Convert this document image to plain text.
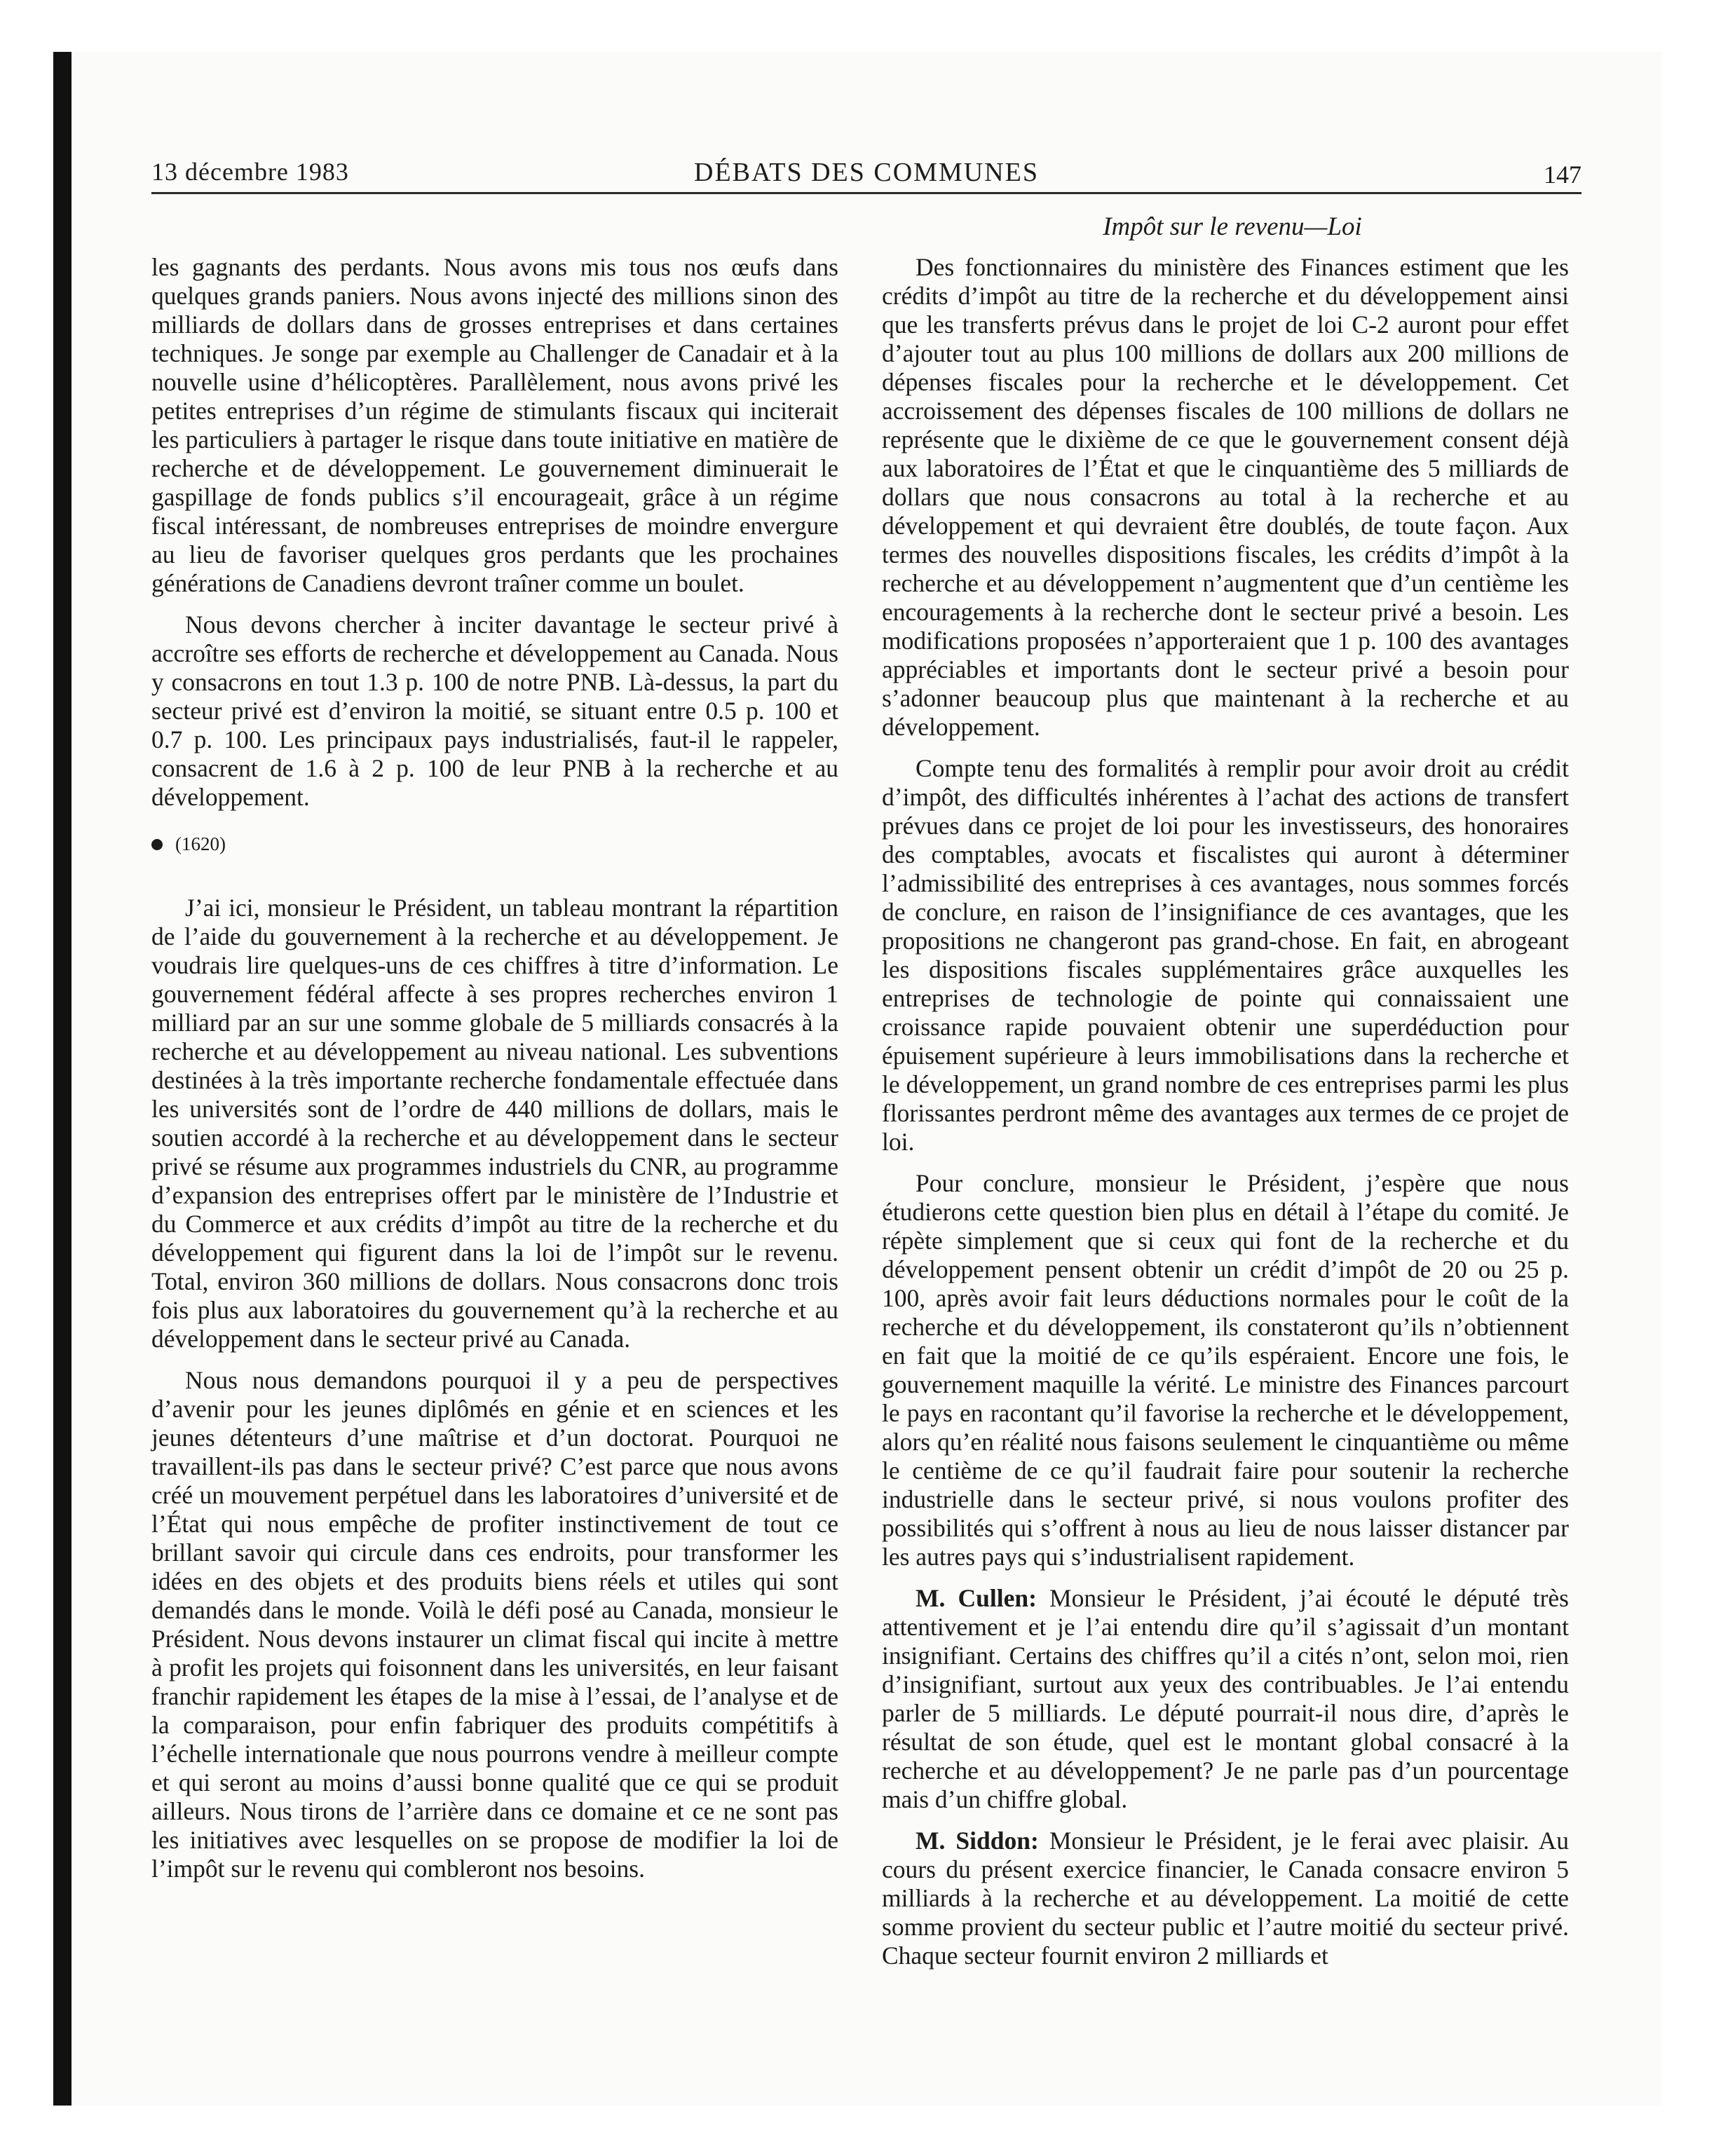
13 décembre 1983	DÉBATS DES COMMUNES	147
Impôt sur le revenu—Loi

les gagnants des perdants. Nous avons mis tous nos œufs dans quelques grands paniers. Nous avons injecté des millions sinon des milliards de dollars dans de grosses entreprises et dans certaines techniques. Je songe par exemple au Challenger de Canadair et à la nouvelle usine d’hélicoptères. Parallèlement, nous avons privé les petites entreprises d’un régime de stimulants fiscaux qui inciterait les particuliers à partager le risque dans toute initiative en matière de recherche et de développement. Le gouvernement diminuerait le gaspillage de fonds publics s’il encourageait, grâce à un régime fiscal intéressant, de nombreuses entreprises de moindre envergure au lieu de favoriser quelques gros perdants que les prochaines générations de Canadiens devront traîner comme un boulet.

Nous devons chercher à inciter davantage le secteur privé à accroître ses efforts de recherche et développement au Canada. Nous y consacrons en tout 1.3 p. 100 de notre PNB. Là-dessus, la part du secteur privé est d’environ la moitié, se situant entre 0.5 p. 100 et 0.7 p. 100. Les principaux pays industrialisés, faut-il le rappeler, consacrent de 1.6 à 2 p. 100 de leur PNB à la recherche et au développement.

(1620)

J’ai ici, monsieur le Président, un tableau montrant la répartition de l’aide du gouvernement à la recherche et au développement. Je voudrais lire quelques-uns de ces chiffres à titre d’information. Le gouvernement fédéral affecte à ses propres recherches environ 1 milliard par an sur une somme globale de 5 milliards consacrés à la recherche et au développement au niveau national. Les subventions destinées à la très importante recherche fondamentale effectuée dans les universités sont de l’ordre de 440 millions de dollars, mais le soutien accordé à la recherche et au développement dans le secteur privé se résume aux programmes industriels du CNR, au programme d’expansion des entreprises offert par le ministère de l’Industrie et du Commerce et aux crédits d’impôt au titre de la recherche et du développement qui figurent dans la loi de l’impôt sur le revenu. Total, environ 360 millions de dollars. Nous consacrons donc trois fois plus aux laboratoires du gouvernement qu’à la recherche et au développement dans le secteur privé au Canada.

Nous nous demandons pourquoi il y a peu de perspectives d’avenir pour les jeunes diplômés en génie et en sciences et les jeunes détenteurs d’une maîtrise et d’un doctorat. Pourquoi ne travaillent-ils pas dans le secteur privé? C’est parce que nous avons créé un mouvement perpétuel dans les laboratoires d’université et de l’État qui nous empêche de profiter instinctivement de tout ce brillant savoir qui circule dans ces endroits, pour transformer les idées en des objets et des produits biens réels et utiles qui sont demandés dans le monde. Voilà le défi posé au Canada, monsieur le Président. Nous devons instaurer un climat fiscal qui incite à mettre à profit les projets qui foisonnent dans les universités, en leur faisant franchir rapidement les étapes de la mise à l’essai, de l’analyse et de la comparaison, pour enfin fabriquer des produits compétitifs à l’échelle internationale que nous pourrons vendre à meilleur compte et qui seront au moins d’aussi bonne qualité que ce qui se produit ailleurs. Nous tirons de l’arrière dans ce domaine et ce ne sont pas les initiatives avec lesquelles on se propose de modifier la loi de l’impôt sur le revenu qui combleront nos besoins.

Des fonctionnaires du ministère des Finances estiment que les crédits d’impôt au titre de la recherche et du développement ainsi que les transferts prévus dans le projet de loi C-2 auront pour effet d’ajouter tout au plus 100 millions de dollars aux 200 millions de dépenses fiscales pour la recherche et le développement. Cet accroissement des dépenses fiscales de 100 millions de dollars ne représente que le dixième de ce que le gouvernement consent déjà aux laboratoires de l’État et que le cinquantième des 5 milliards de dollars que nous consacrons au total à la recherche et au développement et qui devraient être doublés, de toute façon. Aux termes des nouvelles dispositions fiscales, les crédits d’impôt à la recherche et au développement n’augmentent que d’un centième les encouragements à la recherche dont le secteur privé a besoin. Les modifications proposées n’apporteraient que 1 p. 100 des avantages appréciables et importants dont le secteur privé a besoin pour s’adonner beaucoup plus que maintenant à la recherche et au développement.

Compte tenu des formalités à remplir pour avoir droit au crédit d’impôt, des difficultés inhérentes à l’achat des actions de transfert prévues dans ce projet de loi pour les investisseurs, des honoraires des comptables, avocats et fiscalistes qui auront à déterminer l’admissibilité des entreprises à ces avantages, nous sommes forcés de conclure, en raison de l’insignifiance de ces avantages, que les propositions ne changeront pas grand-chose. En fait, en abrogeant les dispositions fiscales supplémentaires grâce auxquelles les entreprises de technologie de pointe qui connaissaient une croissance rapide pouvaient obtenir une superdéduction pour épuisement supérieure à leurs immobilisations dans la recherche et le développement, un grand nombre de ces entreprises parmi les plus florissantes perdront même des avantages aux termes de ce projet de loi.

Pour conclure, monsieur le Président, j’espère que nous étudierons cette question bien plus en détail à l’étape du comité. Je répète simplement que si ceux qui font de la recherche et du développement pensent obtenir un crédit d’impôt de 20 ou 25 p. 100, après avoir fait leurs déductions normales pour le coût de la recherche et du développement, ils constateront qu’ils n’obtiennent en fait que la moitié de ce qu’ils espéraient. Encore une fois, le gouvernement maquille la vérité. Le ministre des Finances parcourt le pays en racontant qu’il favorise la recherche et le développement, alors qu’en réalité nous faisons seulement le cinquantième ou même le centième de ce qu’il faudrait faire pour soutenir la recherche industrielle dans le secteur privé, si nous voulons profiter des possibilités qui s’offrent à nous au lieu de nous laisser distancer par les autres pays qui s’industrialisent rapidement.

M. Cullen: Monsieur le Président, j’ai écouté le député très attentivement et je l’ai entendu dire qu’il s’agissait d’un montant insignifiant. Certains des chiffres qu’il a cités n’ont, selon moi, rien d’insignifiant, surtout aux yeux des contribuables. Je l’ai entendu parler de 5 milliards. Le député pourrait-il nous dire, d’après le résultat de son étude, quel est le montant global consacré à la recherche et au développement? Je ne parle pas d’un pourcentage mais d’un chiffre global.

M. Siddon: Monsieur le Président, je le ferai avec plaisir. Au cours du présent exercice financier, le Canada consacre environ 5 milliards à la recherche et au développement. La moitié de cette somme provient du secteur public et l’autre moitié du secteur privé. Chaque secteur fournit environ 2 milliards et
